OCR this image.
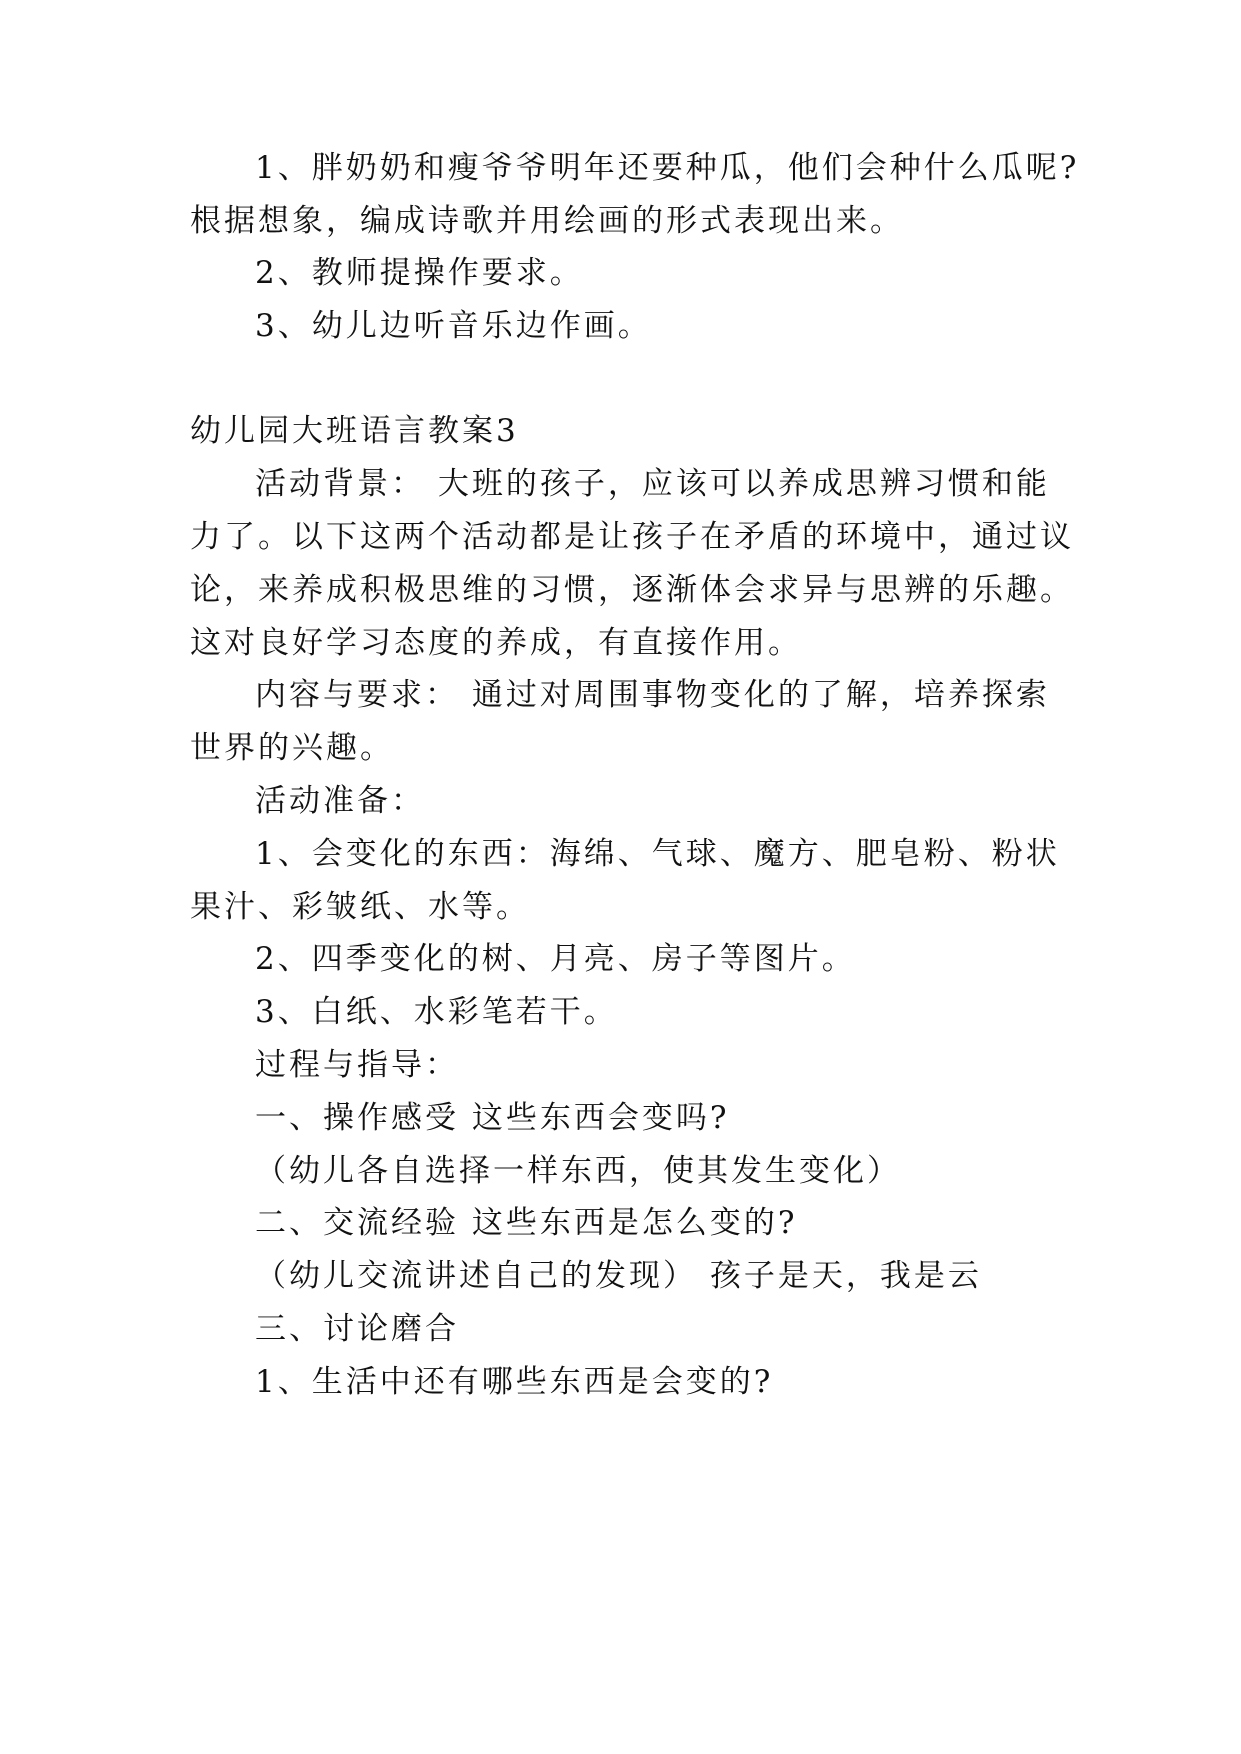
1、胖奶奶和瘦爷爷明年还要种瓜，他们会种什么瓜呢?
根据想象，编成诗歌并用绘画的形式表现出来。
2、教师提操作要求。
3、幼儿边听音乐边作画。
幼儿园大班语言教案3
活动背景： 大班的孩子，应该可以养成思辨习惯和能
力了。以下这两个活动都是让孩子在矛盾的环境中，通过议
论，来养成积极思维的习惯，逐渐体会求异与思辨的乐趣。
这对良好学习态度的养成，有直接作用。
内容与要求： 通过对周围事物变化的了解，培养探索
世界的兴趣。
活动准备：
1、会变化的东西：海绵、气球、魔方、肥皂粉、粉状
果汁、彩皱纸、水等。
2、四季变化的树、月亮、房子等图片。
3、白纸、水彩笔若干。
过程与指导：
一、操作感受 这些东西会变吗?
（幼儿各自选择一样东西，使其发生变化）
二、交流经验 这些东西是怎么变的?
（幼儿交流讲述自己的发现） 孩子是天，我是云
三、讨论磨合
1、生活中还有哪些东西是会变的?
